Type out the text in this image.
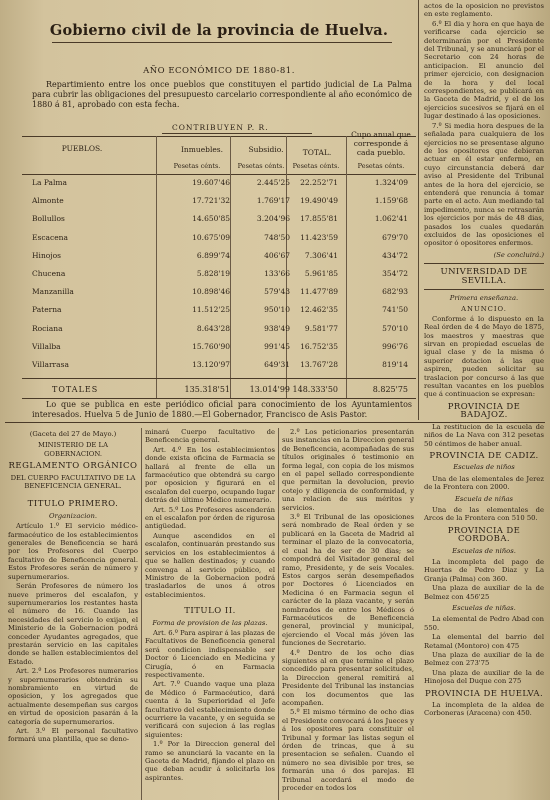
Gobierno civil de la provincia de Huelva.
AÑO ECONÓMICO DE 1880-81.
Repartimiento entre los once pueblos que constituyen el partido judicial de La Palma para cubrir las obligaciones del presupuesto carcelario correspondiente al año económico de 1880 á 81, aprobado con esta fecha.
CONTRIBUYEN P. R.
PUEBLOS.	Inmuebles.	Subsidio.	TOTAL.
Cupo anual que corresponde á cada pueblo.
Pesetas cénts.	Pesetas cénts.	Pesetas cénts.	Pesetas cénts.
La Palma	19.607'46	2.445'25	22.252'71	1.324'09
Almonte	17.721'32	1.769'17	19.490'49	1.159'68
Bollullos	14.650'85	3.204'96	17.855'81	1.062'41
Escacena	10.675'09	748'50	11.423'59	679'70
Hinojos	6.899'74	406'67	7.306'41	434'72
Chucena	5.828'19	133'66	5.961'85	354'72
Manzanilla	10.898'46	579'43	11.477'89	682'93
Paterna	11.512'25	950'10	12.462'35	741'50
Rociana	8.643'28	938'49	9.581'77	570'10
Villalba	15.760'90	991'45	16.752'35	996'76
Villarrasa	13.120'97	649'31	13.767'28	819'14
TOTALES	135.318'51	13.014'99 148.333'50	8.825'75
Lo que se publica en este periódico oficial para conocimiento de los Ayuntamientos interesados. Huelva 5 de Junio de 1880.—El Gobernador, Francisco de Asis Pastor.

(Gaceta del 27 de Mayo.)

MINISTERIO DE LA GOBERNACION.

REGLAMENTO ORGÁNICO

DEL CUERPO FACULTATIVO DE LA BENEFICENCIA GENERAL.

TITULO PRIMERO.

Organizacion.

Artículo 1.º El servicio médico-farmacéutico de los establecimientos generales de Beneficencia se hará por los Profesores del Cuerpo facultativo de Beneficencia general. Estos Profesores serán de número y supernumerarios.

Serán Profesores de número los nueve primeros del escalafon, y supernumerarios los restantes hasta el número de 16. Cuando las necesidades del servicio lo exijan, el Ministerio de la Gobernacion podrá conceder Ayudantes agregados, que prestarán servicio en las capitales donde se hallen establecimientos del Estado.

Art. 2.º Los Profesores numerarios y supernumerarios obtendrán su nombramiento en virtud de oposicion, y los agregados que actualmente desempeñan sus cargos en virtud de oposicion pasarán á la categoría de supernumerarios.

Art. 3.º El personal facultativo formará una plantilla, que se deno-

minará Cuerpo facultativo de Beneficencia general.

Art. 4.º En los establecimientos donde exista oficina de Farmacia se hallará al frente de ella un farmacéutico que obtendrá su cargo por oposicion y figurará en el escalafon del cuerpo, ocupando lugar detrás del último Médico numerario.

Art. 5.º Los Profesores ascenderán en el escalafon por órden de rigurosa antigüedad.

Aunque ascendidos en el escalafon, continuarán prestando sus servicios en los establecimientos á que se hallen destinados; y cuando convenga al servicio público, el Ministro de la Gobernacion podrá trasladarlos de unos á otros establecimientos.

TITULO II.

Forma de provision de las plazas.

Art. 6.º Para aspirar á las plazas de Facultativos de Beneficencia general será condicion indispensable ser Doctor ó Licenciado en Medicina y Cirugía, ó en Farmacia respectivamente.

Art. 7.º Cuando vaque una plaza de Médico ó Farmacéutico, dará cuenta á la Superioridad el Jefe facultativo del establecimiento donde ocurriere la vacante, y en seguida se verificará con sujecion á las reglas siguientes:

1.º Por la Direccion general del ramo se anunciará la vacante en la Gaceta de Madrid, fijando el plazo en que deban acudir á solicitarla los aspirantes.

2.º Los peticionarios presentarán sus instancias en la Direccion general de Beneficencia, acompañadas de sus títulos originales ó testimonio en forma legal, con copia de los mismos en el papel sellado correspondiente que permitan la devolucion, previo cotejo y diligencia de conformidad, y una relacion de sus méritos y servicios.

3.º El Tribunal de las oposiciones será nombrado de Real órden y se publicará en la Gaceta de Madrid al terminar el plazo de la convocatoria, el cual ha de ser de 30 dias; se compondrá del Visitador general del ramo, Presidente, y de seis Vocales. Estos cargos serán desempeñados por Doctores ó Licenciados en Medicina ó en Farmacia segun el carácter de la plaza vacante, y serán nombrados de entre los Médicos ó Farmacéuticos de Beneficencia general, provincial y municipal, ejerciendo el Vocal más jóven las funciones de Secretario.

4.º Dentro de los ocho dias siguientes al en que termine el plazo concedido para presentar solicitudes, la Direccion general remitirá al Presidente del Tribunal las instancias con los documentos que las acompañen.

5.º El mismo término de ocho dias el Presidente convocará á los Jueces y á los opositores para constituir el Tribunal y formar las listas segun el órden de trincas, que á su presentacion se señalen. Cuando el número no sea divisible por tres, se formarán una ó dos parejas. El Tribunal acordará el modo de proceder en todos los

actos de la oposicion no previstos en este reglamento.

6.º El dia y hora en que haya de verificarse cada ejercicio se determinarán por el Presidente del Tribunal, y se anunciará por el Secretario con 24 horas de anticipacion. El anuncio del primer ejercicio, con designacion de la hora y del local correspondientes, se publicará en la Gaceta de Madrid, y el de los ejercicios sucesivos se fijará en el lugar destinado á las oposiciones.

7.º Si media hora despues de la señalada para cualquiera de los ejercicios no se presentase alguno de los opositores que debieran actuar en él estar enfermo, en cuyo circunstancia deberá dar aviso al Presidente del Tribunal antes de la hora del ejercicio, se entenderá que renuncia á tomar parte en el acto. Aun mediando tal impedimento, nunca se retrasarán los ejercicios por más de 48 dias, pasados los cuales quedarán excluidos de las oposiciones el opositor ó opositores enfermos.

(Se concluirá.)

UNIVERSIDAD DE SEVILLA.

Primera enseñanza.

ANUNCIO.

Conforme á lo dispuesto en la Real órden de 4 de Mayo de 1875, los maestros y maestras que sirvan en propiedad escuelas de igual clase y de la misma ó superior dotacion á las que aspiren, pueden solicitar su traslacion por concurso á las que resultan vacantes en los pueblos que á continuacion se expresan:

PROVINCIA DE BADAJOZ.

La restitucion de la escuela de niños de La Nava con 312 pesetas 50 céntimos de haber anual.

PROVINCIA DE CADIZ.

Escuelas de niños

Una de las elementales de Jerez de la Frontera con 2000.

Escuela de niñas

Una de las elementales de Arcos de la Frontera con 510 50.

PROVINCIA DE CORDOBA.

Escuelas de niños.

La incompleta del pago de Huertas de Pedro Diaz y La Granja (Palma) con 360.

Una plaza de auxiliar de la de Belmez con 456'25

Escuelas de niñas.

La elemental de Pedro Abad con 550.

La elemental del barrio del Retamal (Montoro) con 475

Una plaza de auxiliar de la de Belmez con 273'75

Una plaza de auxiliar de la de Hinojosa del Duque con 275

PROVINCIA DE HUELVA.

La incompleta de la aldea de Corboneras (Aracena) con 450.
